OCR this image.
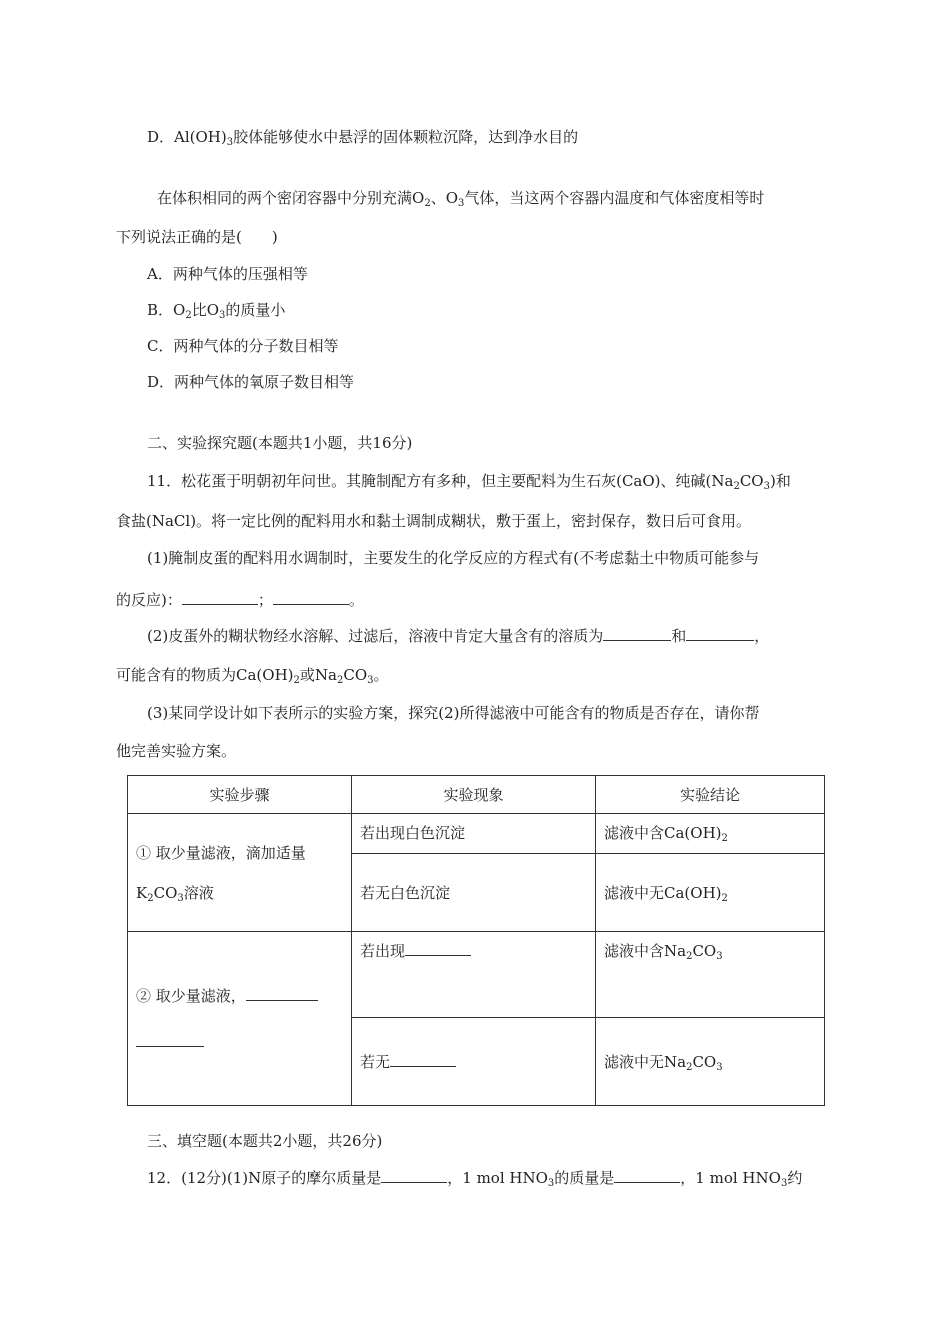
D．$Al(OH)_3$胶体能够使水中悬浮的固体颗粒沉降，达到净水目的
在体积相同的两个密闭容器中分别充满$O_2$、$O_3$气体，当这两个容器内温度和气体密度相等时
下列说法正确的是(　　)
A．两种气体的压强相等
B．$O_2$比$O_3$的质量小
C．两种气体的分子数目相等
D．两种气体的氧原子数目相等
二、实验探究题(本题共1小题，共16分)
11．松花蛋于明朝初年问世。其腌制配方有多种，但主要配料为生石灰(CaO)、纯碱$(Na_2CO_3)$和
食盐(NaCl)。将一定比例的配料用水和黏土调制成糊状，敷于蛋上，密封保存，数日后可食用。
(1)腌制皮蛋的配料用水调制时，主要发生的化学反应的方程式有(不考虑黏土中物质可能参与
的反应)：	；	。
(2)皮蛋外的糊状物经水溶解、过滤后，溶液中肯定大量含有的溶质为	和	，
可能含有的物质为$Ca(OH)_2$或$Na_2CO_3$。
(3)某同学设计如下表所示的实验方案，探究(2)所得滤液中可能含有的物质是否存在，请你帮
他完善实验方案。
实验步骤	实验现象	实验结论

① 取少量滤液，滴加适量
$K_2CO_3$溶液	若出现白色沉淀	滤液中含$Ca(OH)_2$
	若无白色沉淀	滤液中无$Ca(OH)_2$

② 取少量滤液，	若出现	滤液中含$Na_2CO_3$
	若无	滤液中无$Na_2CO_3$
三、填空题(本题共2小题，共26分)
12．(12分)(1)N原子的摩尔质量是	，1 mol $HNO_3$的质量是	，1 mol $HNO_3$约
